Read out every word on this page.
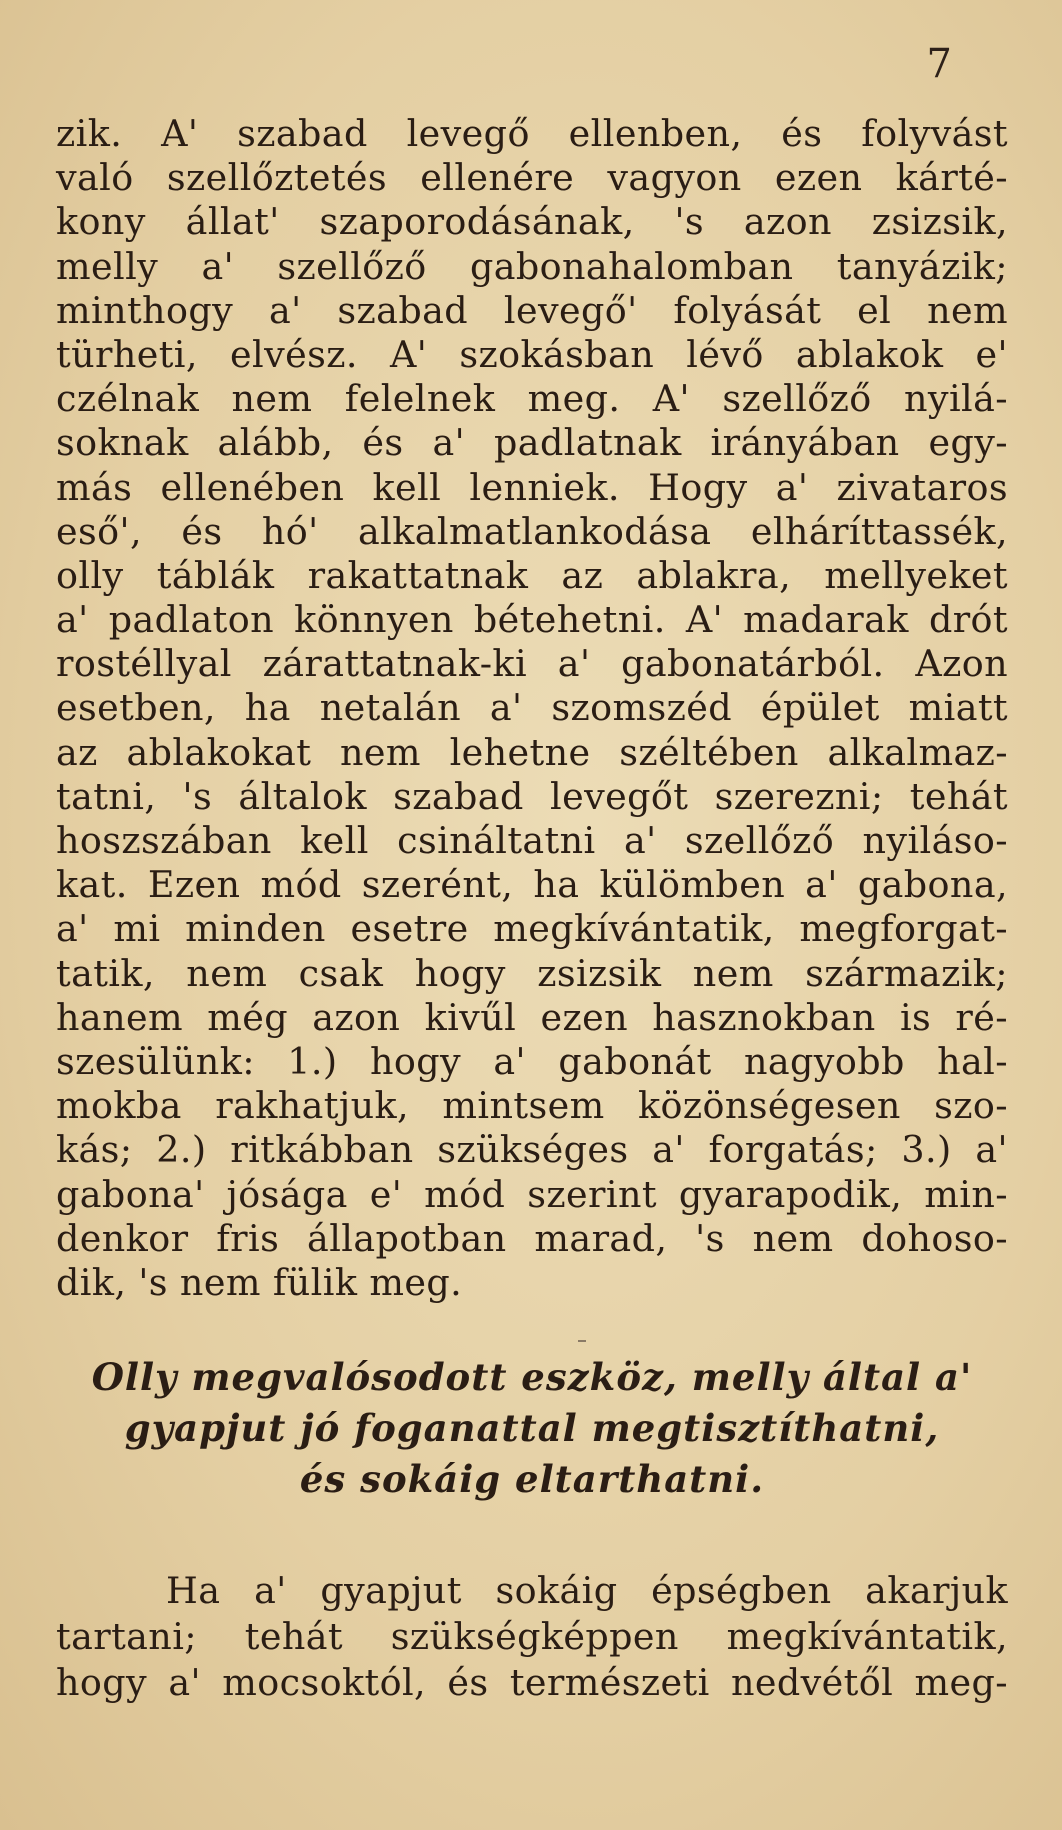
7
zik. A' szabad levegő ellenben, és folyvást
való szellőztetés ellenére vagyon ezen kárté-
kony állat' szaporodásának, 's azon zsizsik,
melly a' szellőző gabonahalomban tanyázik;
minthogy a' szabad levegő' folyását el nem
türheti, elvész. A' szokásban lévő ablakok e'
czélnak nem felelnek meg. A' szellőző nyilá-
soknak alább, és a' padlatnak irányában egy-
más ellenében kell lenniek. Hogy a' zivataros
eső', és hó' alkalmatlankodása elháríttassék,
olly táblák rakattatnak az ablakra, mellyeket
a' padlaton könnyen bétehetni. A' madarak drót
rostéllyal zárattatnak-ki a' gabonatárból. Azon
esetben, ha netalán a' szomszéd épület miatt
az ablakokat nem lehetne széltében alkalmaz-
tatni, 's általok szabad levegőt szerezni; tehát
hoszszában kell csináltatni a' szellőző nyiláso-
kat. Ezen mód szerént, ha külömben a' gabona,
a' mi minden esetre megkívántatik, megforgat-
tatik, nem csak hogy zsizsik nem származik;
hanem még azon kivűl ezen hasznokban is ré-
szesülünk: 1.) hogy a' gabonát nagyobb hal-
mokba rakhatjuk, mintsem közönségesen szo-
kás; 2.) ritkábban szükséges a' forgatás; 3.) a'
gabona' jósága e' mód szerint gyarapodik, min-
denkor fris állapotban marad, 's nem dohoso-
dik, 's nem fülik meg.
Olly megvalósodott eszköz, melly által a'
gyapjut jó foganattal megtisztíthatni,
és sokáig eltarthatni.
Ha a' gyapjut sokáig épségben akarjuk
tartani; tehát szükségképpen megkívántatik,
hogy a' mocsoktól, és természeti nedvétől meg-
